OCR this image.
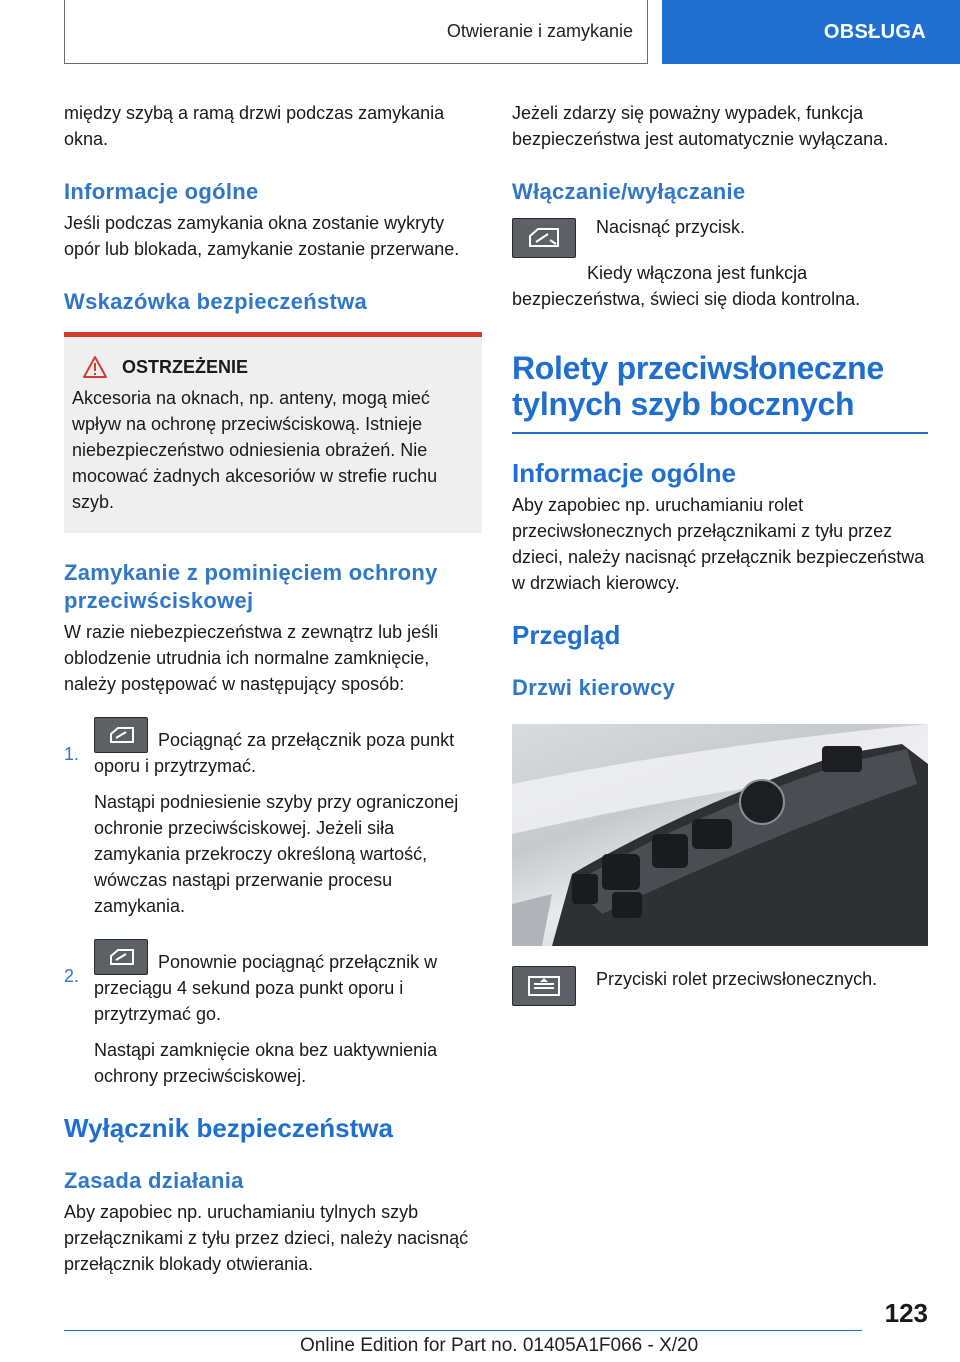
Otwieranie i zamykanie	OBSŁUGA

między szybą a ramą drzwi podczas zamykania okna.

Informacje ogólne

Jeśli podczas zamykania okna zostanie wykryty opór lub blokada, zamykanie zostanie przerwane.

Wskazówka bezpieczeństwa
OSTRZEŻENIE

Akcesoria na oknach, np. anteny, mogą mieć wpływ na ochronę przeciwściskową. Istnieje niebezpieczeństwo odniesienia obrażeń. Nie mocować żadnych akcesoriów w strefie ruchu szyb.

Zamykanie z pominięciem ochrony przeciwściskowej

W razie niebezpieczeństwa z zewnątrz lub jeśli oblodzenie utrudnia ich normalne zamknięcie, należy postępować w następujący sposób:

1.

Pociągnąć za przełącznik poza punkt oporu i przytrzymać.

Nastąpi podniesienie szyby przy ograniczonej ochronie przeciwściskowej. Jeżeli siła zamykania przekroczy określoną wartość, wówczas nastąpi przerwanie procesu zamykania.

2.

Ponownie pociągnąć przełącznik w przeciągu 4 sekund poza punkt oporu i przytrzymać go.

Nastąpi zamknięcie okna bez uaktywnienia ochrony przeciwściskowej.

Wyłącznik bezpieczeństwa
Zasada działania

Aby zapobiec np. uruchamianiu tylnych szyb przełącznikami z tyłu przez dzieci, należy nacisnąć przełącznik blokady otwierania.

Jeżeli zdarzy się poważny wypadek, funkcja bezpieczeństwa jest automatycznie wyłączana.

Włączanie/wyłączanie

Nacisnąć przycisk.

Kiedy włączona jest funkcja bezpieczeństwa, świeci się dioda kontrolna.

Rolety przeciwsłoneczne tylnych szyb bocznych
Informacje ogólne

Aby zapobiec np. uruchamianiu rolet przeciwsłonecznych przełącznikami z tyłu przez dzieci, należy nacisnąć przełącznik bezpieczeństwa w drzwiach kierowcy.

Przegląd
Drzwi kierowcy

Przyciski rolet przeciwsłonecznych.

123
Online Edition for Part no. 01405A1F066 - X/20
